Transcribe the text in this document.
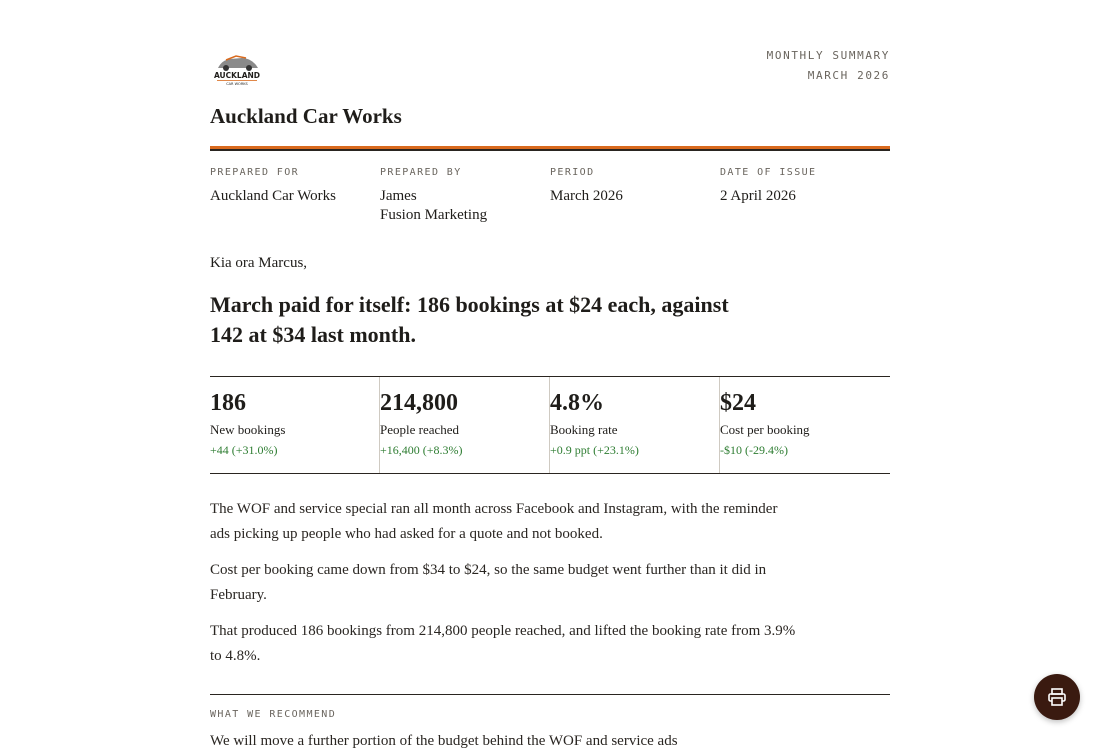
AUCKLAND
CAR WORKS
MONTHLY SUMMARY
MARCH 2026
Auckland Car Works
PREPARED FOR
Auckland Car Works
PREPARED BY
James
Fusion Marketing
PERIOD
March 2026
DATE OF ISSUE
2 April 2026
Kia ora Marcus,
March paid for itself: 186 bookings at $24 each, against 142 at $34 last month.
186
New bookings
+44 (+31.0%)
214,800
People reached
+16,400 (+8.3%)
4.8%
Booking rate
+0.9 ppt (+23.1%)
$24
Cost per booking
-$10 (-29.4%)

The WOF and service special ran all month across Facebook and Instagram, with the reminder ads picking up people who had asked for a quote and not booked.

Cost per booking came down from $34 to $24, so the same budget went further than it did in February.

That produced 186 bookings from 214,800 people reached, and lifted the booking rate from 3.9% to 4.8%.

WHAT WE RECOMMEND
We will move a further portion of the budget behind the WOF and service ads
